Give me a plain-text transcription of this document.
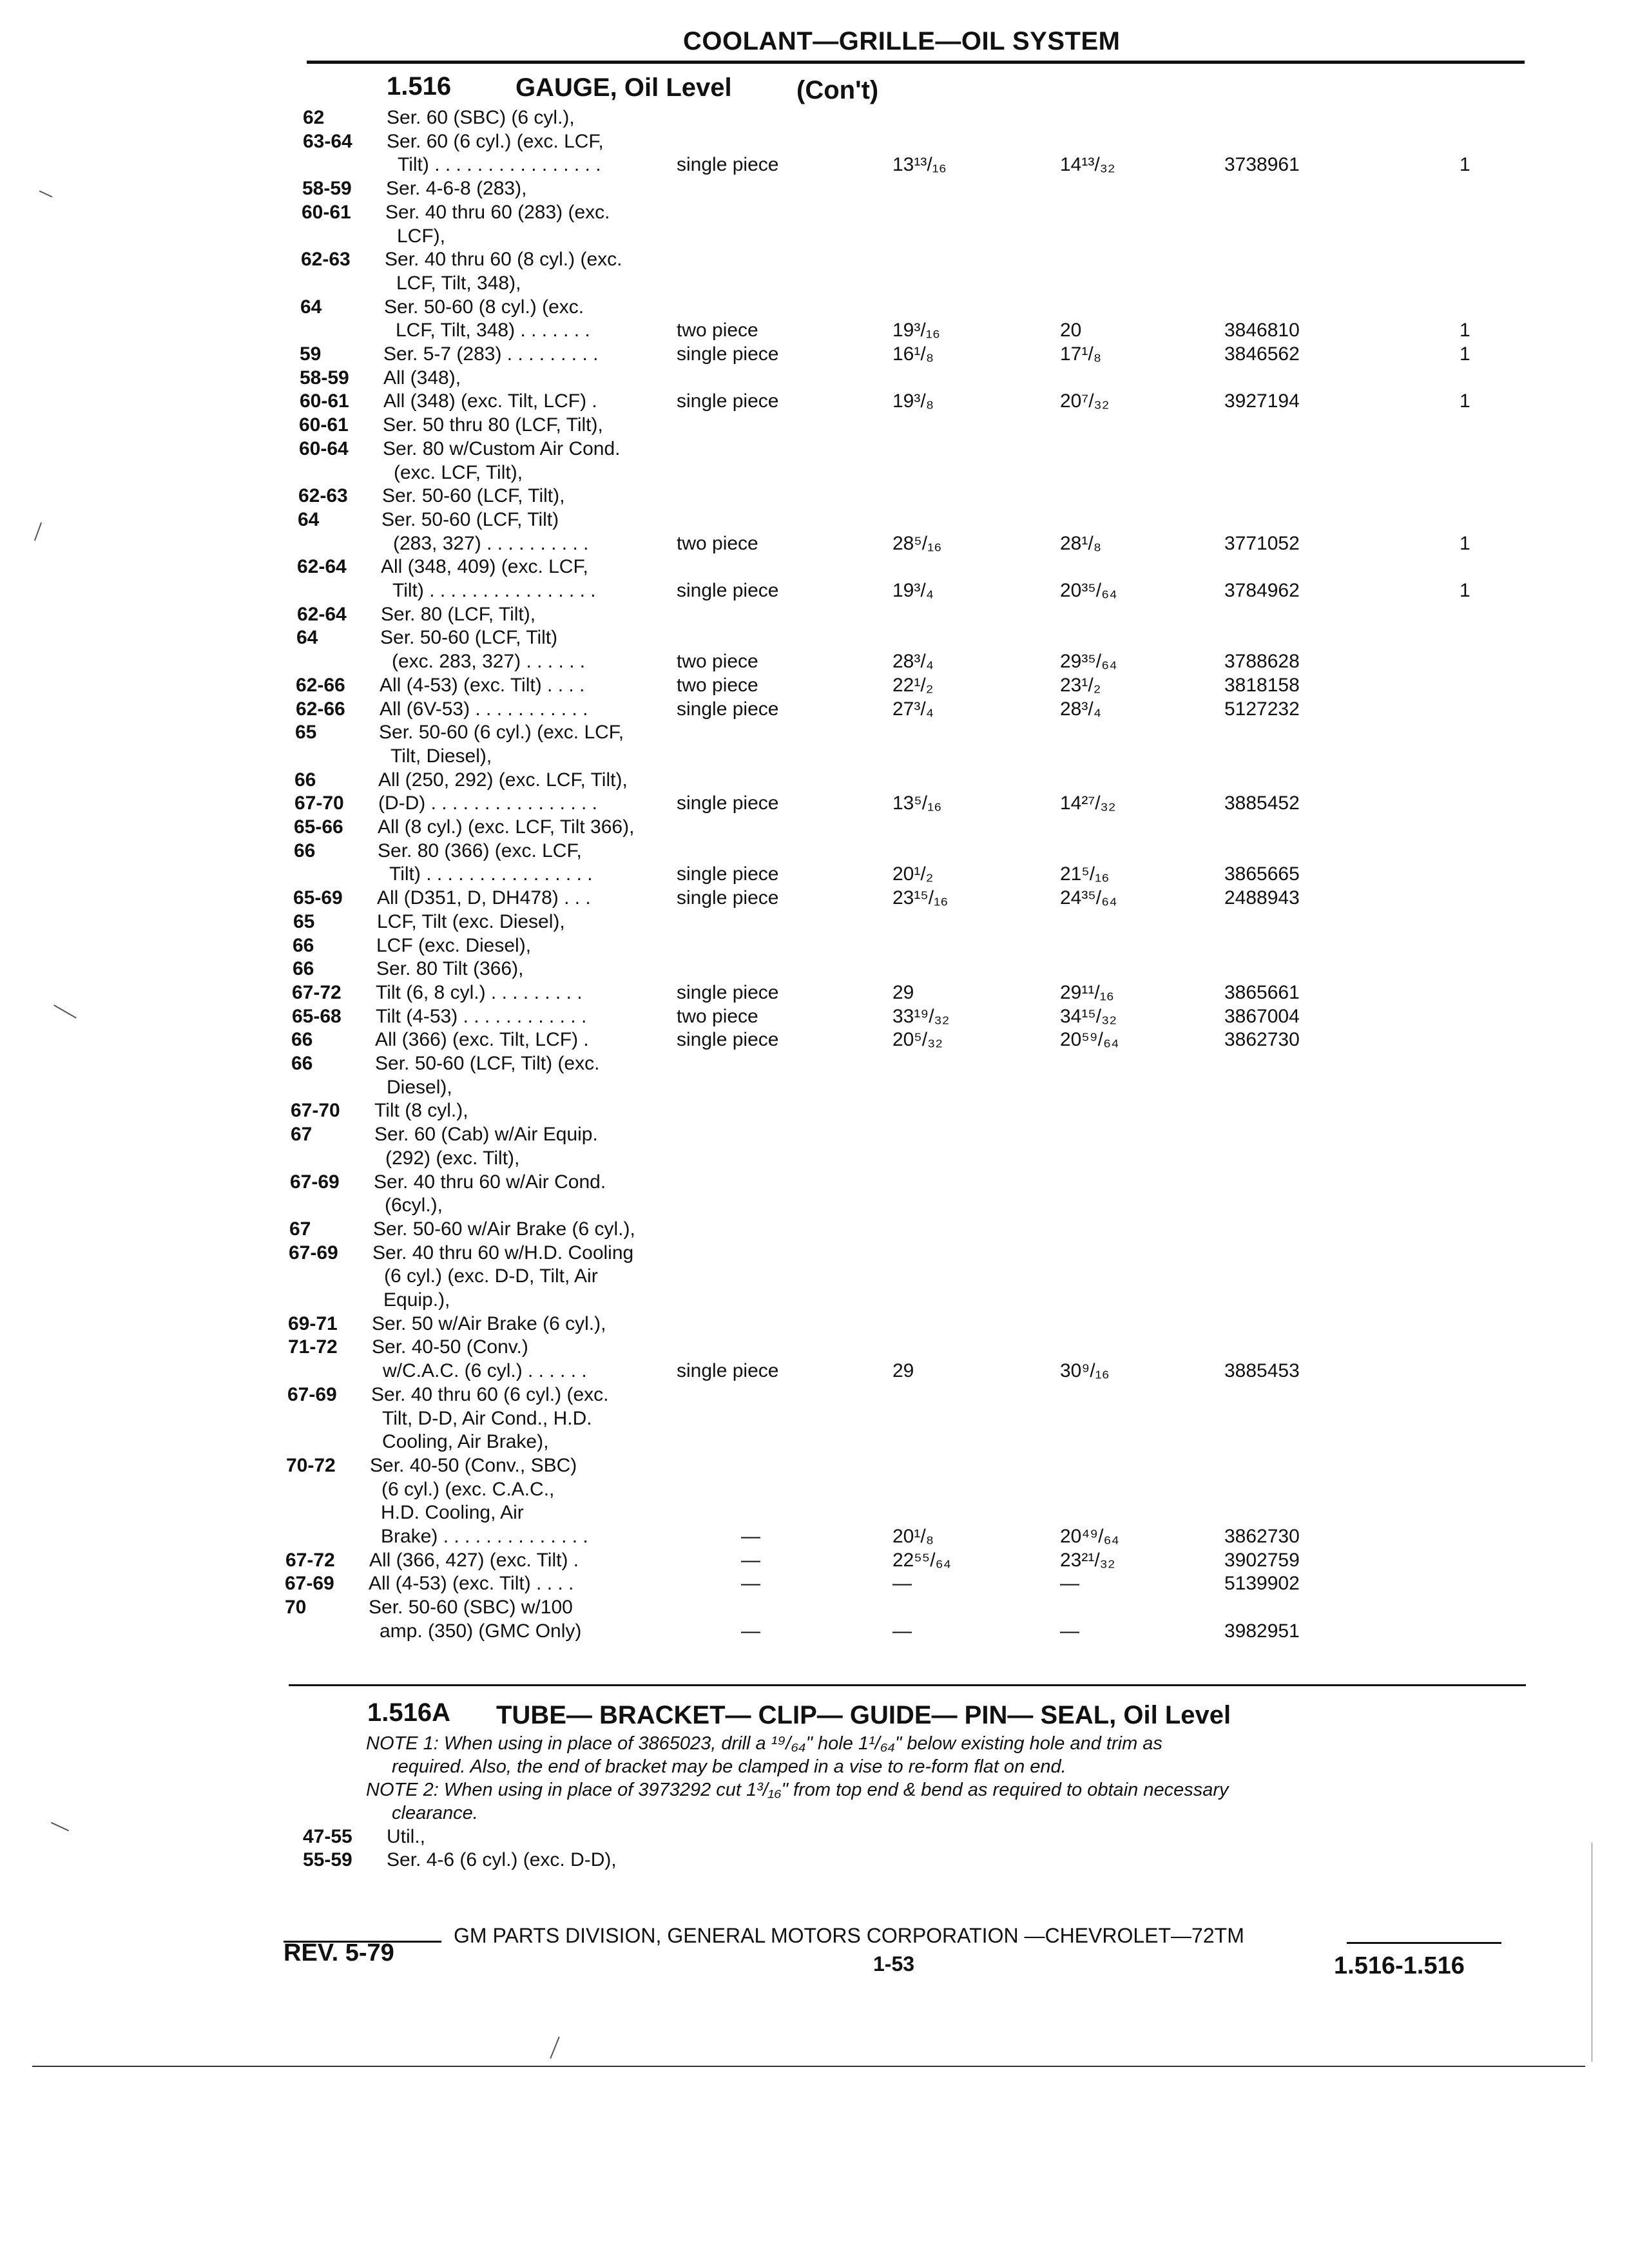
COOLANT—GRILLE—OIL SYSTEM
1.516 GAUGE, Oil Level	(Con't)
62	Ser. 60 (SBC) (6 cyl.),
63-64 Ser. 60 (6 cyl.) (exc. LCF,
Tilt) . . . . . . . . . . . . . . . .	single piece	13¹³/₁₆	14¹³/₃₂	3738961	1
58-59 Ser. 4-6-8 (283),
60-61 Ser. 40 thru 60 (283) (exc.
LCF),
62-63 Ser. 40 thru 60 (8 cyl.) (exc.
LCF, Tilt, 348),
64	Ser. 50-60 (8 cyl.) (exc.
LCF, Tilt, 348) . . . . . . .	two piece	19³/₁₆	20	3846810	1
59	Ser. 5-7 (283) . . . . . . . . .	single piece	16¹/₈	17¹/₈	3846562	1
58-59 All (348),
60-61 All (348) (exc. Tilt, LCF) .	single piece	19³/₈	20⁷/₃₂	3927194	1
60-61 Ser. 50 thru 80 (LCF, Tilt),
60-64 Ser. 80 w/Custom Air Cond.
(exc. LCF, Tilt),
62-63 Ser. 50-60 (LCF, Tilt),
64	Ser. 50-60 (LCF, Tilt)
(283, 327) . . . . . . . . . .	two piece	28⁵/₁₆	28¹/₈	3771052	1
62-64 All (348, 409) (exc. LCF,
Tilt) . . . . . . . . . . . . . . . .	single piece	19³/₄	20³⁵/₆₄	3784962	1
62-64 Ser. 80 (LCF, Tilt),
64	Ser. 50-60 (LCF, Tilt)
(exc. 283, 327) . . . . . .	two piece	28³/₄	29³⁵/₆₄	3788628
62-66 All (4-53) (exc. Tilt) . . . .	two piece	22¹/₂	23¹/₂	3818158
62-66 All (6V-53) . . . . . . . . . . .	single piece	27³/₄	28³/₄	5127232
65	Ser. 50-60 (6 cyl.) (exc. LCF,
Tilt, Diesel),
66	All (250, 292) (exc. LCF, Tilt),
67-70 (D-D) . . . . . . . . . . . . . . . .	single piece	13⁵/₁₆	14²⁷/₃₂	3885452
65-66 All (8 cyl.) (exc. LCF, Tilt 366),
66	Ser. 80 (366) (exc. LCF,
Tilt) . . . . . . . . . . . . . . . .	single piece	20¹/₂	21⁵/₁₆	3865665
65-69 All (D351, D, DH478) . . .	single piece	23¹⁵/₁₆	24³⁵/₆₄	2488943
65	LCF, Tilt (exc. Diesel),
66	LCF (exc. Diesel),
66	Ser. 80 Tilt (366),
67-72 Tilt (6, 8 cyl.) . . . . . . . . .	single piece	29	29¹¹/₁₆	3865661
65-68 Tilt (4-53) . . . . . . . . . . . .	two piece	33¹⁹/₃₂	34¹⁵/₃₂	3867004
66	All (366) (exc. Tilt, LCF) .	single piece	20⁵/₃₂	20⁵⁹/₆₄	3862730
66	Ser. 50-60 (LCF, Tilt) (exc.
Diesel),
67-70 Tilt (8 cyl.),
67	Ser. 60 (Cab) w/Air Equip.
(292) (exc. Tilt),
67-69 Ser. 40 thru 60 w/Air Cond.
(6cyl.),
67	Ser. 50-60 w/Air Brake (6 cyl.),
67-69 Ser. 40 thru 60 w/H.D. Cooling
(6 cyl.) (exc. D-D, Tilt, Air
Equip.),
69-71 Ser. 50 w/Air Brake (6 cyl.),
71-72 Ser. 40-50 (Conv.)
w/C.A.C. (6 cyl.) . . . . . .	single piece	29	30⁹/₁₆	3885453
67-69 Ser. 40 thru 60 (6 cyl.) (exc.
Tilt, D-D, Air Cond., H.D.
Cooling, Air Brake),
70-72 Ser. 40-50 (Conv., SBC)
(6 cyl.) (exc. C.A.C.,
H.D. Cooling, Air
Brake) . . . . . . . . . . . . . .	—	20¹/₈	20⁴⁹/₆₄	3862730
67-72 All (366, 427) (exc. Tilt) .	—	22⁵⁵/₆₄	23²¹/₃₂	3902759
67-69 All (4-53) (exc. Tilt) . . . .	—	—	—	5139902
70	Ser. 50-60 (SBC) w/100
amp. (350) (GMC Only)	—	—	—	3982951
1.516A TUBE— BRACKET— CLIP— GUIDE— PIN— SEAL, Oil Level
NOTE 1: When using in place of 3865023, drill a ¹⁹/₆₄" hole 1¹/₆₄" below existing hole and trim as
required. Also, the end of bracket may be clamped in a vise to re-form flat on end.
NOTE 2: When using in place of 3973292 cut 1³/₁₆" from top end & bend as required to obtain necessary
clearance.
47-55 Util.,
55-59 Ser. 4-6 (6 cyl.) (exc. D-D),
GM PARTS DIVISION, GENERAL MOTORS CORPORATION —CHEVROLET—72TM
REV. 5-79	1-53	1.516-1.516
